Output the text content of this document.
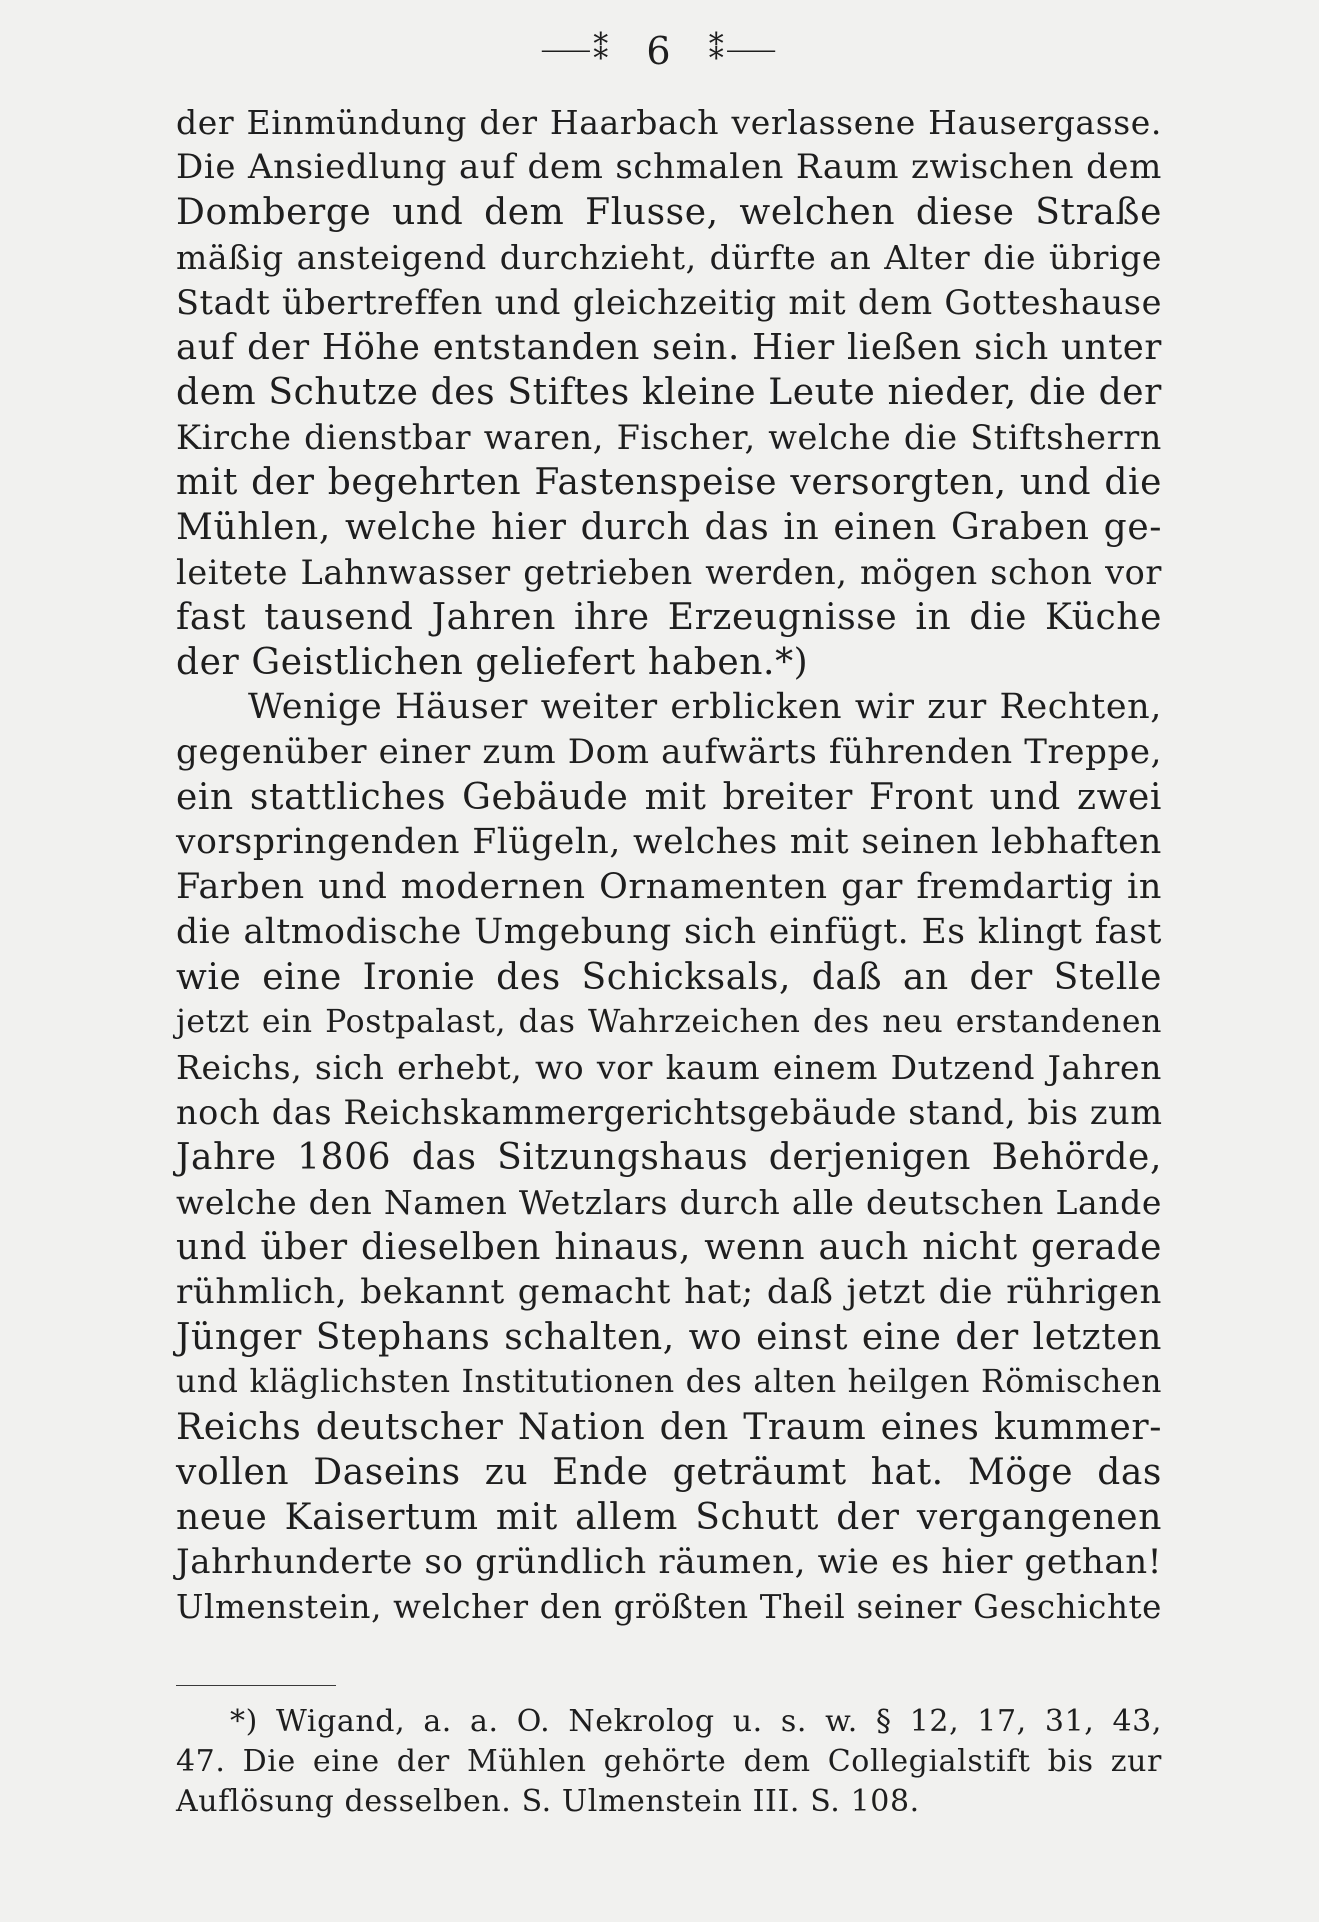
⸺⁑ 6 ⁑⸺
der Einmündung der Haarbach verlassene Hausergasse.
Die Ansiedlung auf dem schmalen Raum zwischen dem
Domberge und dem Flusse, welchen diese Straße
mäßig ansteigend durchzieht, dürfte an Alter die übrige
Stadt übertreffen und gleichzeitig mit dem Gotteshause
auf der Höhe entstanden sein. Hier ließen sich unter
dem Schutze des Stiftes kleine Leute nieder, die der
Kirche dienstbar waren, Fischer, welche die Stiftsherrn
mit der begehrten Fastenspeise versorgten, und die
Mühlen, welche hier durch das in einen Graben ge-
leitete Lahnwasser getrieben werden, mögen schon vor
fast tausend Jahren ihre Erzeugnisse in die Küche
der Geistlichen geliefert haben.*)
Wenige Häuser weiter erblicken wir zur Rechten,
gegenüber einer zum Dom aufwärts führenden Treppe,
ein stattliches Gebäude mit breiter Front und zwei
vorspringenden Flügeln, welches mit seinen lebhaften
Farben und modernen Ornamenten gar fremdartig in
die altmodische Umgebung sich einfügt. Es klingt fast
wie eine Ironie des Schicksals, daß an der Stelle
jetzt ein Postpalast, das Wahrzeichen des neu erstandenen
Reichs, sich erhebt, wo vor kaum einem Dutzend Jahren
noch das Reichskammergerichtsgebäude stand, bis zum
Jahre 1806 das Sitzungshaus derjenigen Behörde,
welche den Namen Wetzlars durch alle deutschen Lande
und über dieselben hinaus, wenn auch nicht gerade
rühmlich, bekannt gemacht hat; daß jetzt die rührigen
Jünger Stephans schalten, wo einst eine der letzten
und kläglichsten Institutionen des alten heilgen Römischen
Reichs deutscher Nation den Traum eines kummer-
vollen Daseins zu Ende geträumt hat. Möge das
neue Kaisertum mit allem Schutt der vergangenen
Jahrhunderte so gründlich räumen, wie es hier gethan!
Ulmenstein, welcher den größten Theil seiner Geschichte
*) Wigand, a. a. O. Nekrolog u. s. w. § 12, 17, 31, 43,
47. Die eine der Mühlen gehörte dem Collegialstift bis zur
Auflösung desselben. S. Ulmenstein III. S. 108.
